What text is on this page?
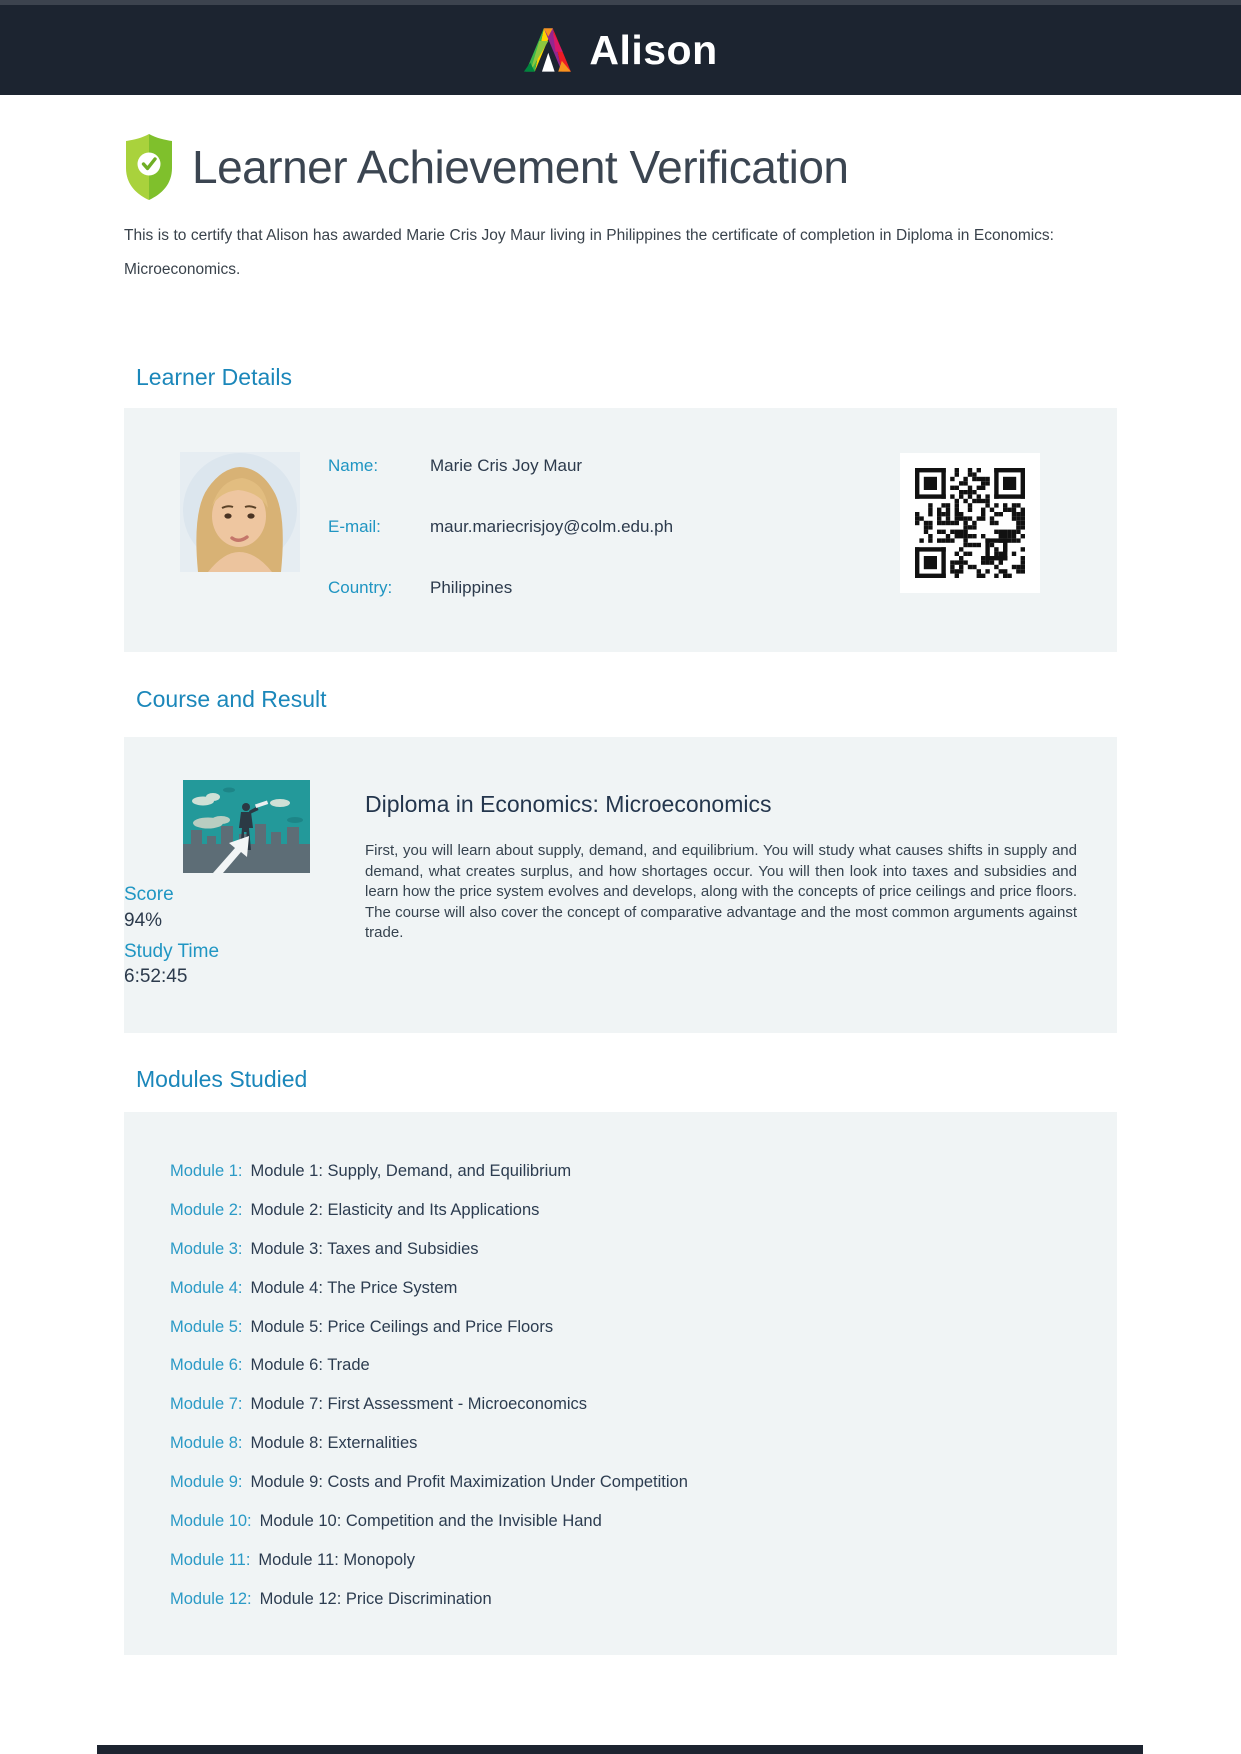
Alison
Learner Achievement Verification

This is to certify that Alison has awarded Marie Cris Joy Maur living in Philippines the certificate of completion in Diploma in Economics: Microeconomics.

Learner Details
Name:	Marie Cris Joy Maur
E-mail:	maur.mariecrisjoy@colm.edu.ph
Country:	Philippines
Course and Result
Score
94%
Study Time
6:52:45
Diploma in Economics: Microeconomics

First, you will learn about supply, demand, and equilibrium. You will study what causes shifts in supply and demand, what creates surplus, and how shortages occur. You will then look into taxes and subsidies and learn how the price system evolves and develops, along with the concepts of price ceilings and price floors. The course will also cover the concept of comparative advantage and the most common arguments against trade.

Modules Studied
Module 1: Module 1: Supply, Demand, and Equilibrium
Module 2: Module 2: Elasticity and Its Applications
Module 3: Module 3: Taxes and Subsidies
Module 4: Module 4: The Price System
Module 5: Module 5: Price Ceilings and Price Floors
Module 6: Module 6: Trade
Module 7: Module 7: First Assessment - Microeconomics
Module 8: Module 8: Externalities
Module 9: Module 9: Costs and Profit Maximization Under Competition
Module 10: Module 10: Competition and the Invisible Hand
Module 11: Module 11: Monopoly
Module 12: Module 12: Price Discrimination
